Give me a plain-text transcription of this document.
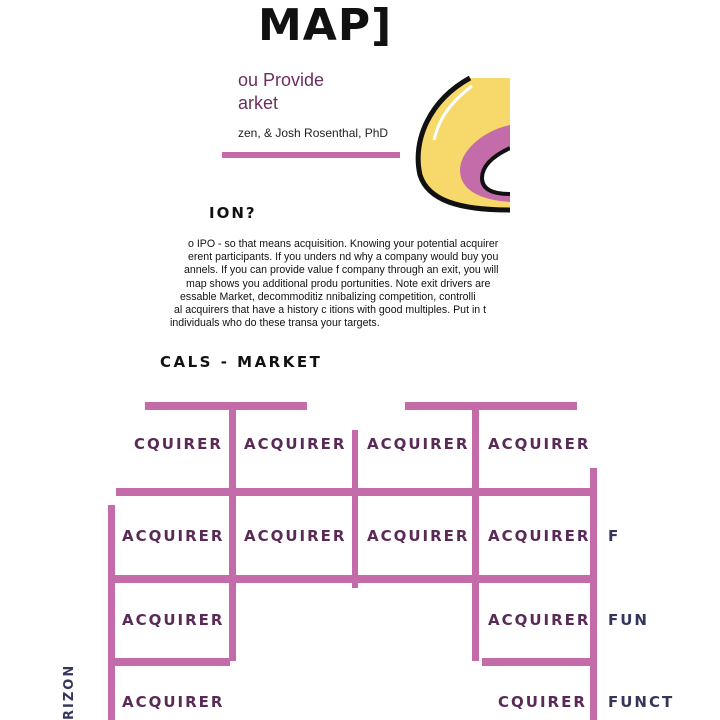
MAP]
ou Provide
arket
zen, & Josh Rosenthal, PhD
ION?
o IPO - so that means acquisition. Knowing your potential acquirer
erent participants. If you unders nd why a company would buy you
annels. If you can provide value f company through an exit, you will
map shows you additional produ portunities. Note exit drivers are
essable Market, decommoditiz nnibalizing competition, controlli
al acquirers that have a history c itions with good multiples. Put in t
individuals who do these transa your targets.
CALS - MARKET
CQUIRER ACQUIRER ACQUIRER ACQUIRER
ACQUIRER ACQUIRER ACQUIRER ACQUIRER
ACQUIRER	ACQUIRER
ACQUIRER	CQUIRER
F
FUN
FUNCT
RIZON
